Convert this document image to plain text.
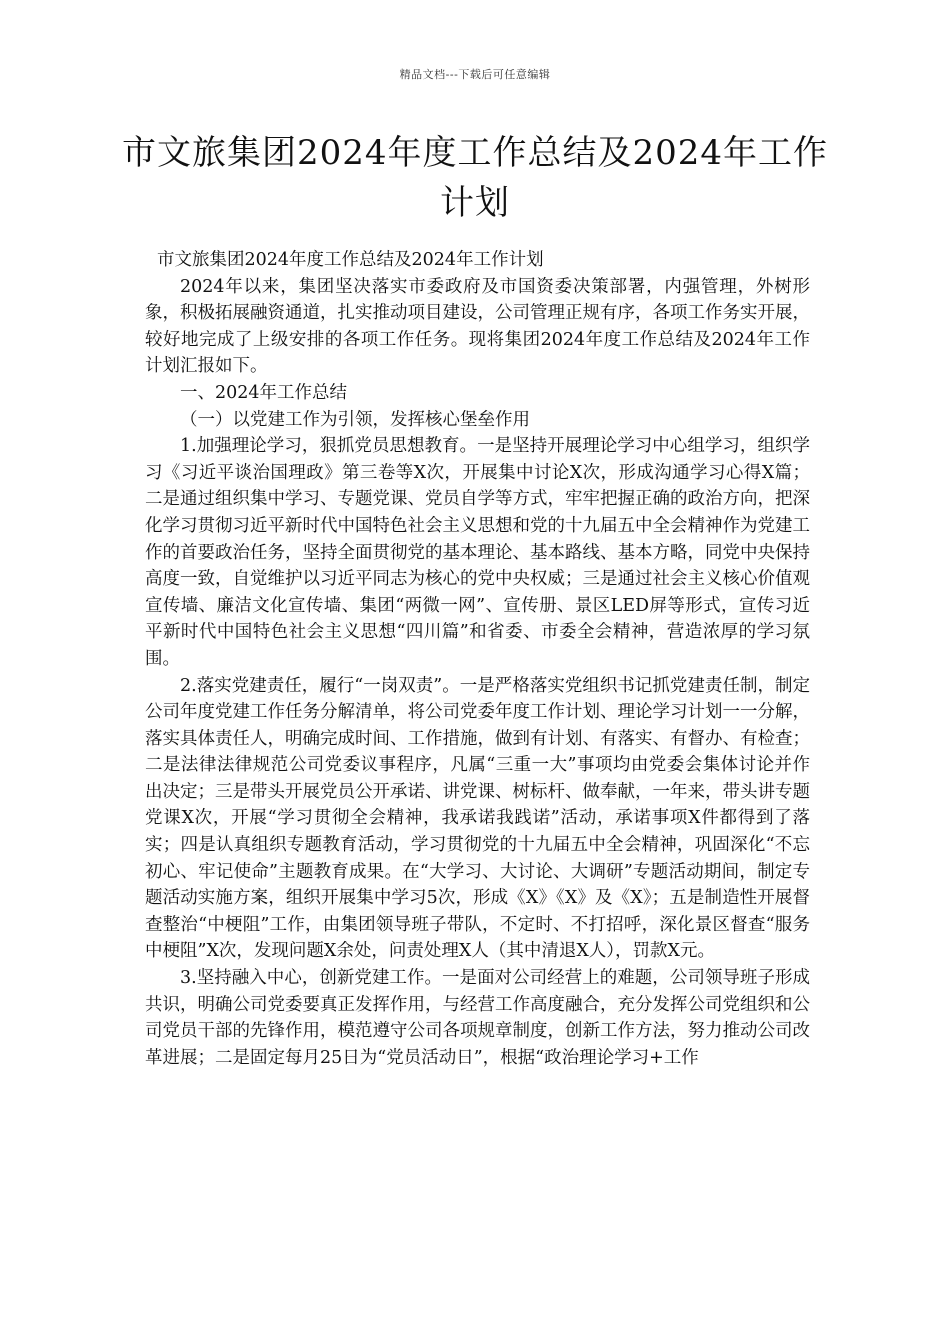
精品文档---下载后可任意编辑
市文旅集团2024年度工作总结及2024年工作计划

市文旅集团2024年度工作总结及2024年工作计划

2024年以来，集团坚决落实市委政府及市国资委决策部署，内强管理，外树形象，积极拓展融资通道，扎实推动项目建设，公司管理正规有序，各项工作务实开展，较好地完成了上级安排的各项工作任务。现将集团2024年度工作总结及2024年工作计划汇报如下。

一、2024年工作总结

（一）以党建工作为引领，发挥核心堡垒作用

1.加强理论学习，狠抓党员思想教育。一是坚持开展理论学习中心组学习，组织学习《习近平谈治国理政》第三卷等X次，开展集中讨论X次，形成沟通学习心得X篇；二是通过组织集中学习、专题党课、党员自学等方式，牢牢把握正确的政治方向，把深化学习贯彻习近平新时代中国特色社会主义思想和党的十九届五中全会精神作为党建工作的首要政治任务，坚持全面贯彻党的基本理论、基本路线、基本方略，同党中央保持高度一致，自觉维护以习近平同志为核心的党中央权威；三是通过社会主义核心价值观宣传墙、廉洁文化宣传墙、集团“两微一网”、宣传册、景区LED屏等形式，宣传习近平新时代中国特色社会主义思想“四川篇”和省委、市委全会精神，营造浓厚的学习氛围。

2.落实党建责任，履行“一岗双责”。一是严格落实党组织书记抓党建责任制，制定公司年度党建工作任务分解清单，将公司党委年度工作计划、理论学习计划一一分解，落实具体责任人，明确完成时间、工作措施，做到有计划、有落实、有督办、有检查；二是法律法律规范公司党委议事程序，凡属“三重一大”事项均由党委会集体讨论并作出决定；三是带头开展党员公开承诺、讲党课、树标杆、做奉献，一年来，带头讲专题党课X次，开展“学习贯彻全会精神，我承诺我践诺”活动，承诺事项X件都得到了落实；四是认真组织专题教育活动，学习贯彻党的十九届五中全会精神，巩固深化“不忘初心、牢记使命”主题教育成果。在“大学习、大讨论、大调研”专题活动期间，制定专题活动实施方案，组织开展集中学习5次，形成《X》《X》及《X》；五是制造性开展督查整治“中梗阻”工作，由集团领导班子带队，不定时、不打招呼，深化景区督查“服务中梗阻”X次，发现问题X余处，问责处理X人（其中清退X人），罚款X元。

3.坚持融入中心，创新党建工作。一是面对公司经营上的难题，公司领导班子形成共识，明确公司党委要真正发挥作用，与经营工作高度融合，充分发挥公司党组织和公司党员干部的先锋作用，模范遵守公司各项规章制度，创新工作方法，努力推动公司改革进展；二是固定每月25日为“党员活动日”，根据“政治理论学习+工作
